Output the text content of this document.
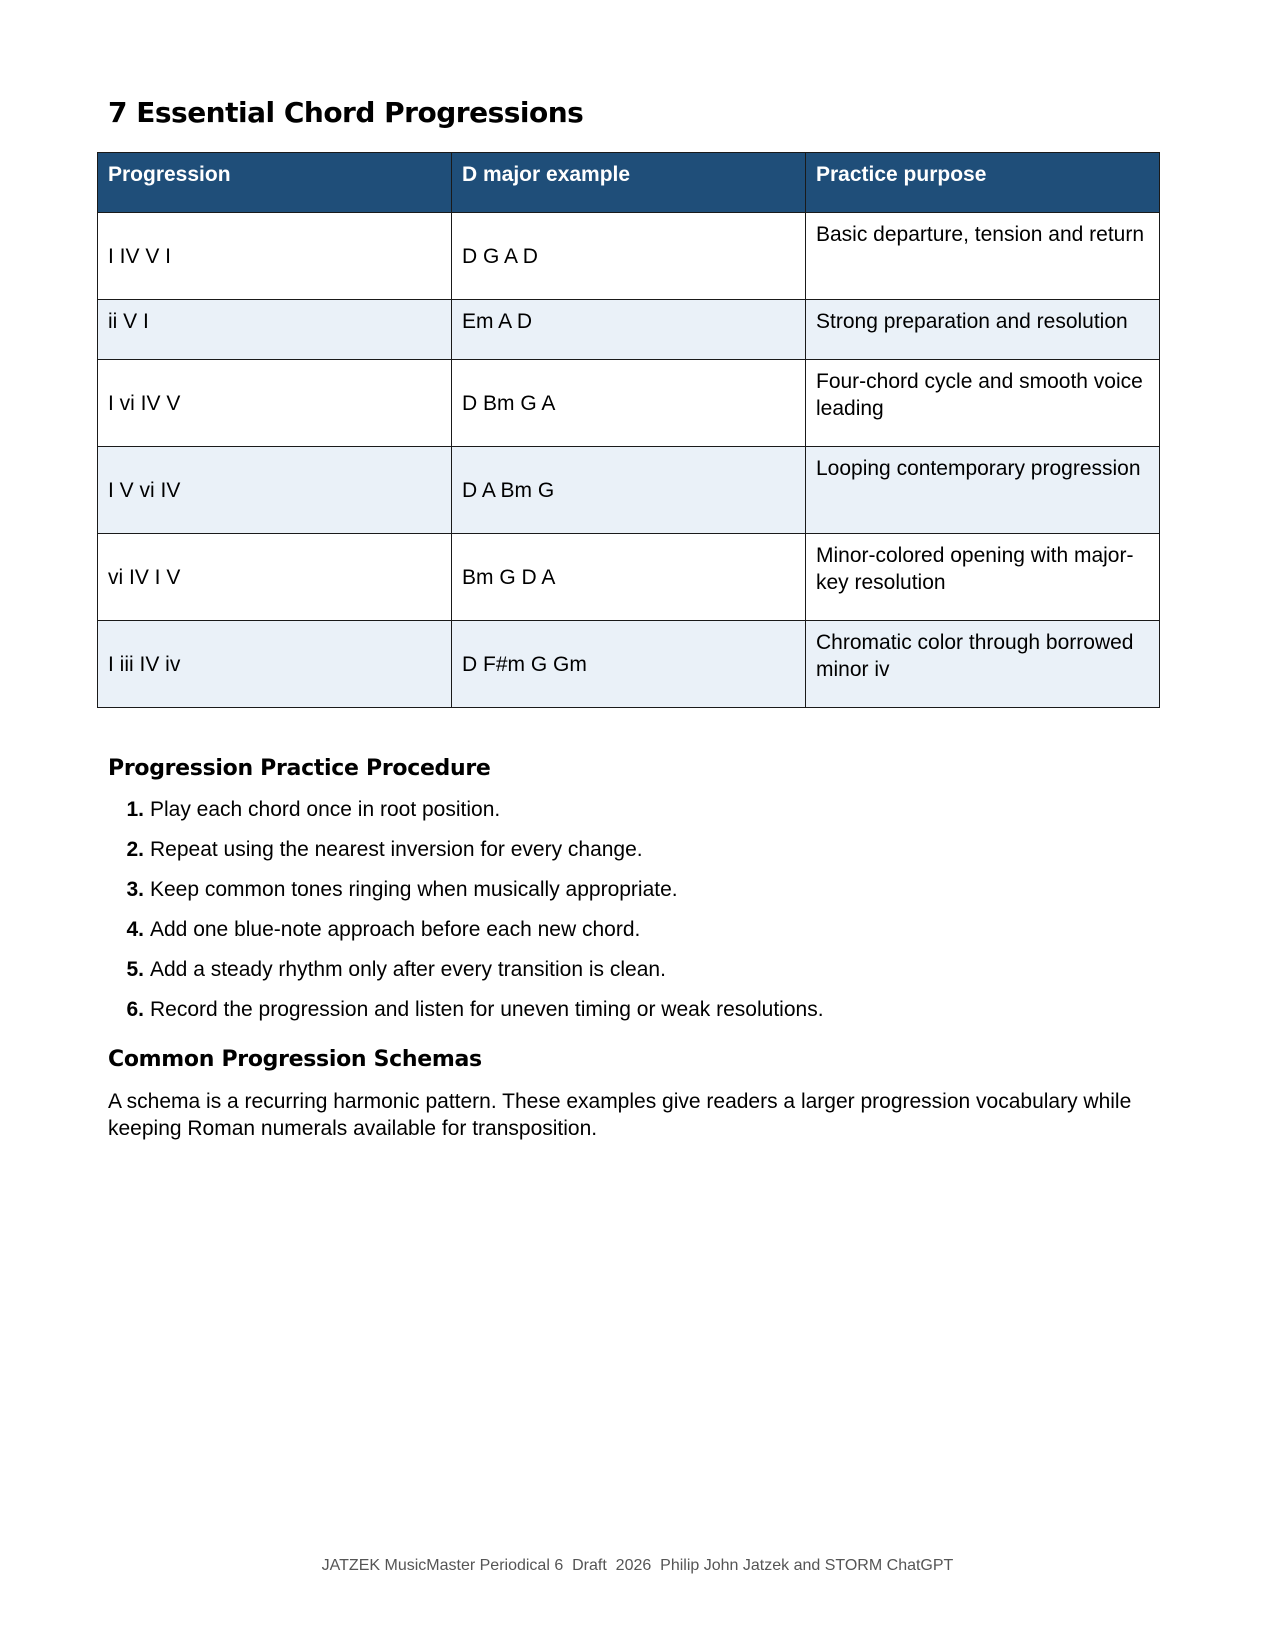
7 Essential Chord Progressions
Progression	D major example	Practice purpose
I IV V I	D G A D	Basic departure, tension and return
ii V I	Em A D	Strong preparation and resolution
I vi IV V	D Bm G A	Four-chord cycle and smooth voice leading
I V vi IV	D A Bm G	Looping contemporary progression
vi IV I V	Bm G D A	Minor-colored opening with major-key resolution
I iii IV iv	D F#m G Gm	Chromatic color through borrowed minor iv
Progression Practice Procedure
1. Play each chord once in root position.
2. Repeat using the nearest inversion for every change.
3. Keep common tones ringing when musically appropriate.
4. Add one blue-note approach before each new chord.
5. Add a steady rhythm only after every transition is clean.
6. Record the progression and listen for uneven timing or weak resolutions.
Common Progression Schemas

A schema is a recurring harmonic pattern. These examples give readers a larger progression vocabulary while keeping Roman numerals available for transposition.

JATZEK MusicMaster Periodical 6  Draft  2026  Philip John Jatzek and STORM ChatGPT
